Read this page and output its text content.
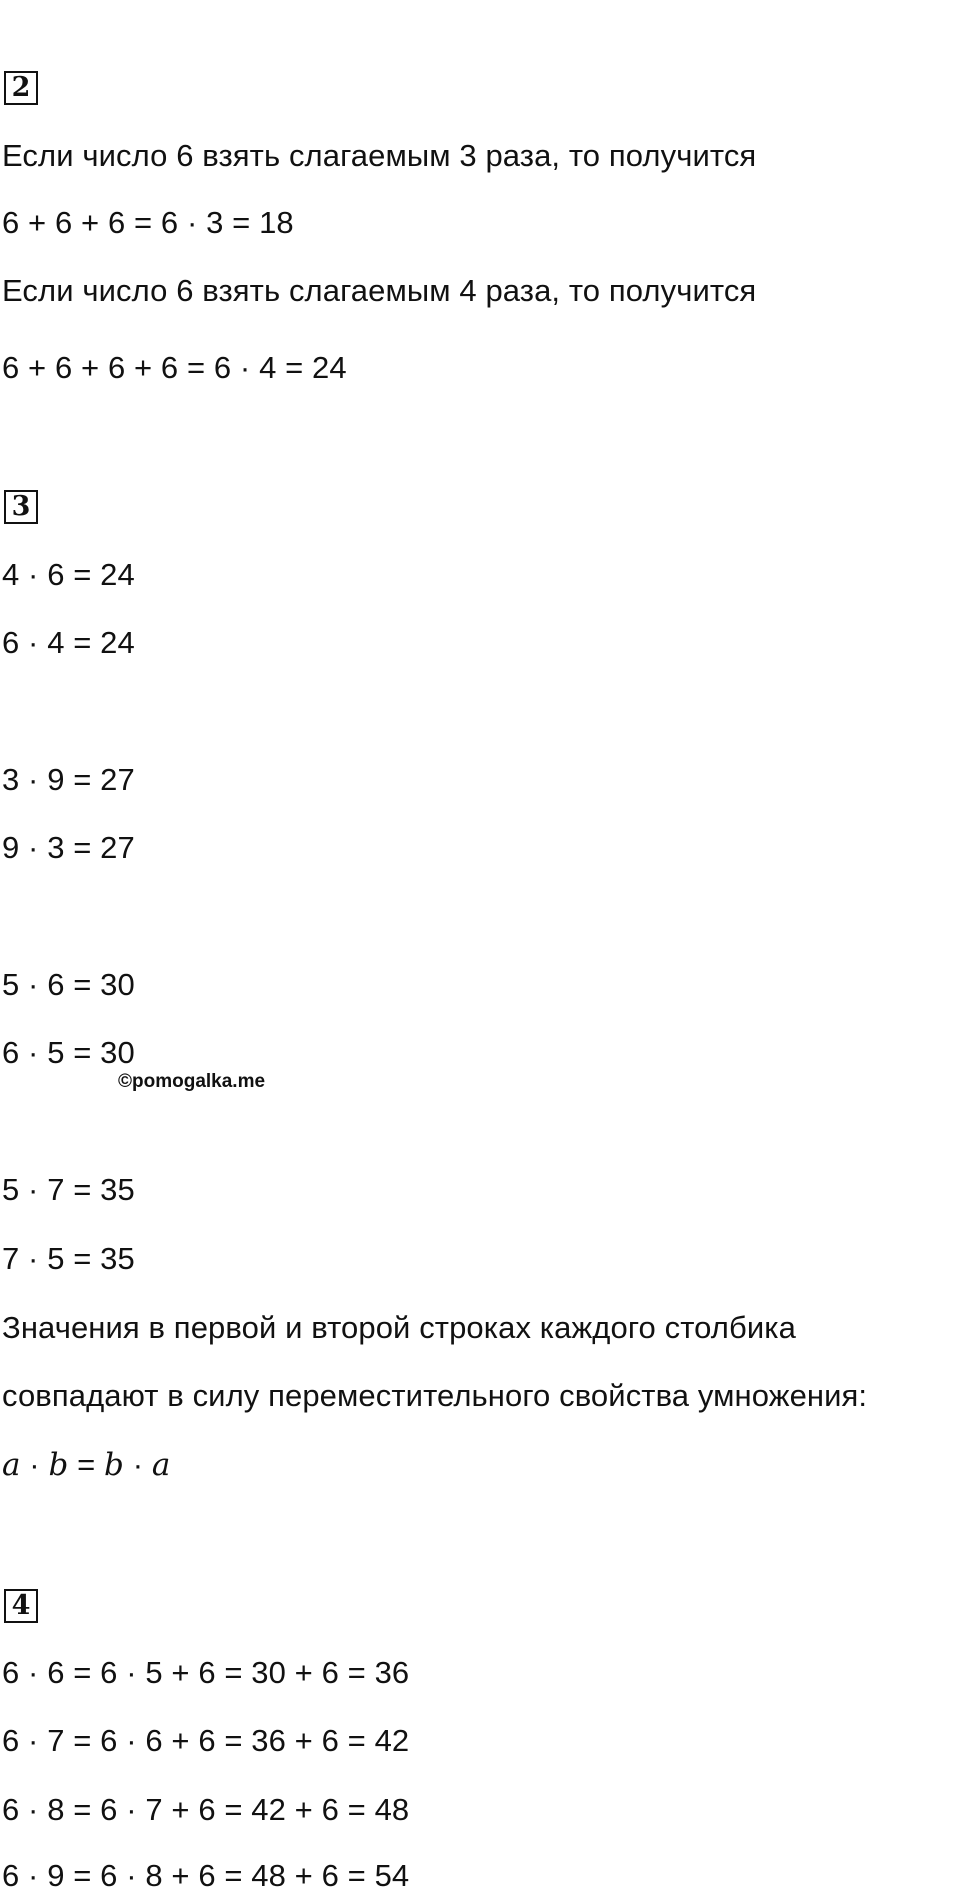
2
Если число 6 взять слагаемым 3 раза, то получится
6 + 6 + 6 = 6 · 3 = 18
Если число 6 взять слагаемым 4 раза, то получится
6 + 6 + 6 + 6 = 6 · 4 = 24
3
4 · 6 = 24
6 · 4 = 24
3 · 9 = 27
9 · 3 = 27
5 · 6 = 30
6 · 5 = 30
©pomogalka.me
5 · 7 = 35
7 · 5 = 35
Значения в первой и второй строках каждого столбика
совпадают в силу переместительного свойства умножения:
a · b = b · a
4
6 · 6 = 6 · 5 + 6 = 30 + 6 = 36
6 · 7 = 6 · 6 + 6 = 36 + 6 = 42
6 · 8 = 6 · 7 + 6 = 42 + 6 = 48
6 · 9 = 6 · 8 + 6 = 48 + 6 = 54
